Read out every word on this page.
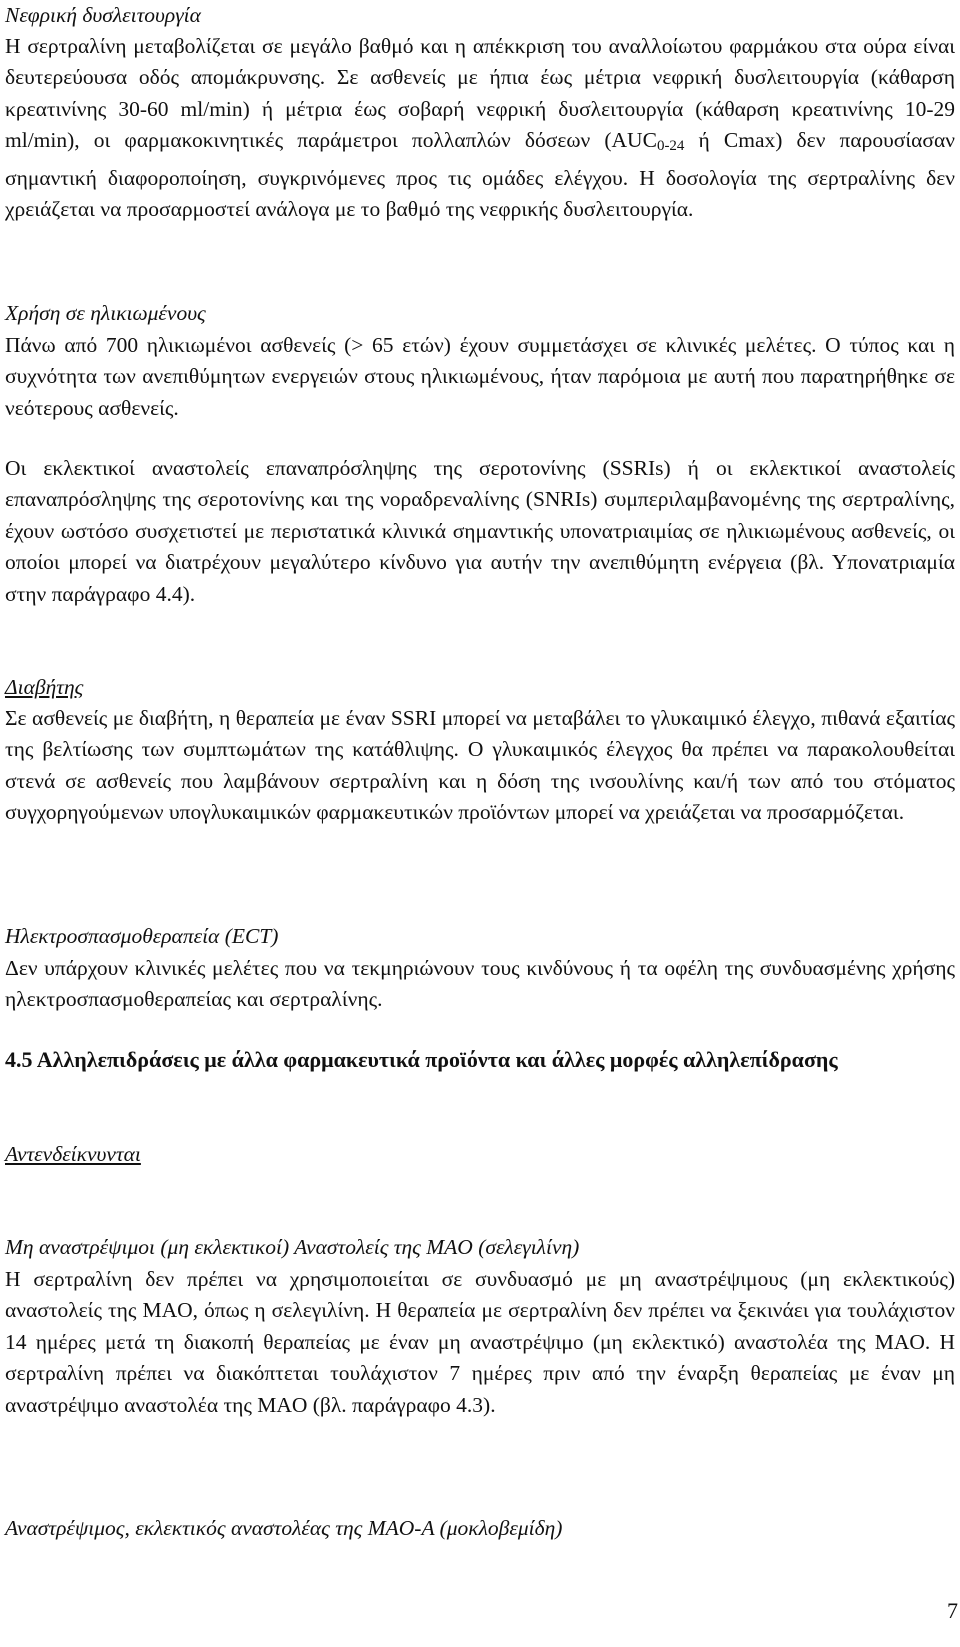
Νεφρική δυσλειτουργία

Η σερτραλίνη μεταβολίζεται σε μεγάλο βαθμό και η απέκκριση του αναλλοίωτου φαρμάκου στα ούρα είναι δευτερεύουσα οδός απομάκρυνσης. Σε ασθενείς με ήπια έως μέτρια νεφρική δυσλειτουργία (κάθαρση κρεατινίνης 30-60 ml/min) ή μέτρια έως σοβαρή νεφρική δυσλειτουργία (κάθαρση κρεατινίνης 10-29 ml/min), οι φαρμακοκινητικές παράμετροι πολλαπλών δόσεων ($AUC_{0-24}$ ή Cmax) δεν παρουσίασαν σημαντική διαφοροποίηση, συγκρινόμενες προς τις ομάδες ελέγχου. Η δοσολογία της σερτραλίνης δεν χρειάζεται να προσαρμοστεί ανάλογα με το βαθμό της νεφρικής δυσλειτουργία.

Χρήση σε ηλικιωμένους

Πάνω από 700 ηλικιωμένοι ασθενείς (> 65 ετών) έχουν συμμετάσχει σε κλινικές μελέτες. Ο τύπος και η συχνότητα των ανεπιθύμητων ενεργειών στους ηλικιωμένους, ήταν παρόμοια με αυτή που παρατηρήθηκε σε νεότερους ασθενείς.

Οι εκλεκτικοί αναστολείς επαναπρόσληψης της σεροτονίνης (SSRIs) ή οι εκλεκτικοί αναστολείς επαναπρόσληψης της σεροτονίνης και της νοραδρεναλίνης (SNRIs) συμπεριλαμβανομένης της σερτραλίνης, έχουν ωστόσο συσχετιστεί με περιστατικά κλινικά σημαντικής υπονατριαιμίας σε ηλικιωμένους ασθενείς, οι οποίοι μπορεί να διατρέχουν μεγαλύτερο κίνδυνο για αυτήν την ανεπιθύμητη ενέργεια (βλ. Υπονατριαμία στην παράγραφο 4.4).

Διαβήτης

Σε ασθενείς με διαβήτη, η θεραπεία με έναν SSRI μπορεί να μεταβάλει το γλυκαιμικό έλεγχο, πιθανά εξαιτίας της βελτίωσης των συμπτωμάτων της κατάθλιψης. Ο γλυκαιμικός έλεγχος θα πρέπει να παρακολουθείται στενά σε ασθενείς που λαμβάνουν σερτραλίνη και η δόση της ινσουλίνης και/ή των από του στόματος συγχορηγούμενων υπογλυκαιμικών φαρμακευτικών προϊόντων μπορεί να χρειάζεται να προσαρμόζεται.

Ηλεκτροσπασμοθεραπεία (ECT)

Δεν υπάρχουν κλινικές μελέτες που να τεκμηριώνουν τους κινδύνους ή τα οφέλη της συνδυασμένης χρήσης ηλεκτροσπασμοθεραπείας και σερτραλίνης.

4.5 Αλληλεπιδράσεις με άλλα φαρμακευτικά προϊόντα και άλλες μορφές αλληλεπίδρασης

Αντενδείκνυνται

Μη αναστρέψιμοι (μη εκλεκτικοί) Αναστολείς της MAO (σελεγιλίνη)

Η σερτραλίνη δεν πρέπει να χρησιμοποιείται σε συνδυασμό με μη αναστρέψιμους (μη εκλεκτικούς) αναστολείς της MAO, όπως η σελεγιλίνη. Η θεραπεία με σερτραλίνη δεν πρέπει να ξεκινάει για τουλάχιστον 14 ημέρες μετά τη διακοπή θεραπείας με έναν μη αναστρέψιμο (μη εκλεκτικό) αναστολέα της MAO. Η σερτραλίνη πρέπει να διακόπτεται τουλάχιστον 7 ημέρες πριν από την έναρξη θεραπείας με έναν μη αναστρέψιμο αναστολέα της MAO (βλ. παράγραφο 4.3).

Αναστρέψιμος, εκλεκτικός αναστολέας της MAO-A (μοκλοβεμίδη)

7
